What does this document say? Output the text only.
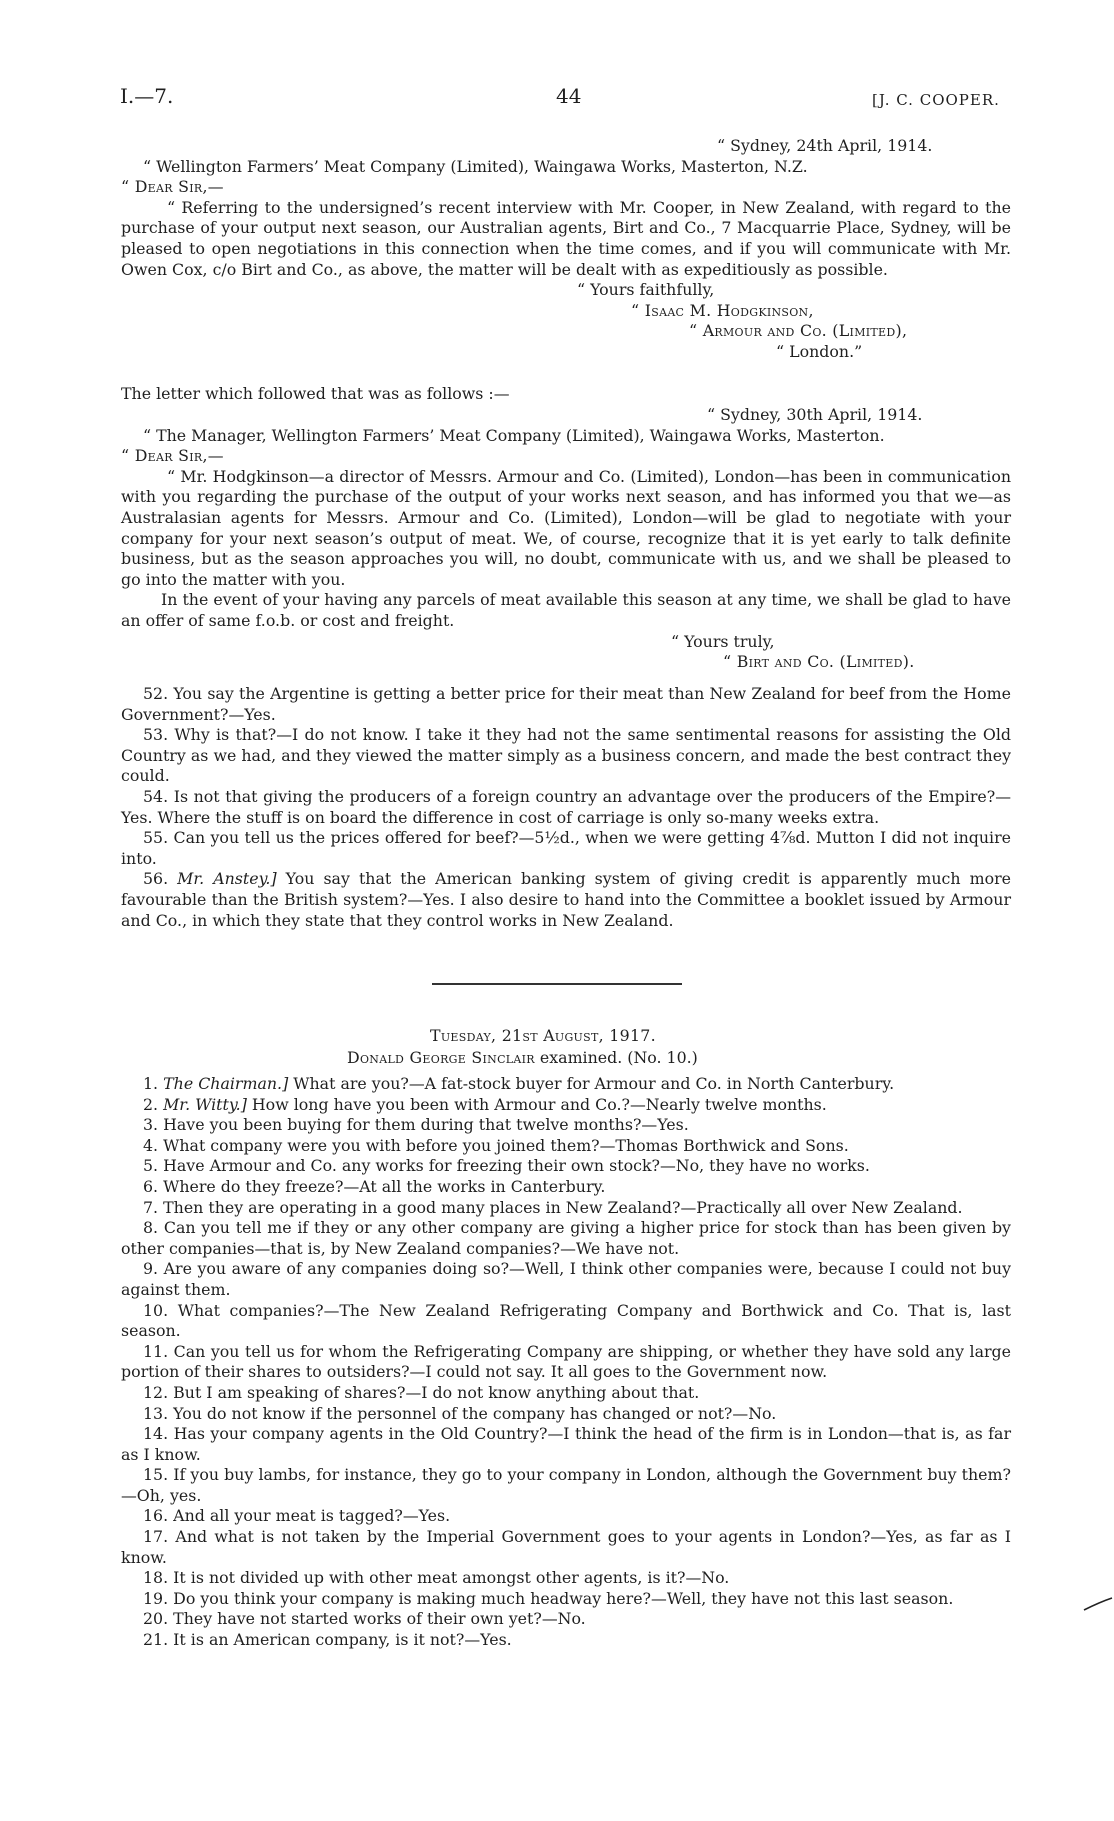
I.—7.	44	[J. C. COOPER.

“ Sydney, 24th April, 1914.

“ Wellington Farmers’ Meat Company (Limited), Waingawa Works, Masterton, N.Z.

“ Dear Sir,—

“ Referring to the undersigned’s recent interview with Mr. Cooper, in New Zealand, with regard to the purchase of your output next season, our Australian agents, Birt and Co., 7 Macquarrie Place, Sydney, will be pleased to open negotiations in this connection when the time comes, and if you will communicate with Mr. Owen Cox, c/o Birt and Co., as above, the matter will be dealt with as expeditiously as possible.

“ Yours faithfully,

“ Isaac M. Hodgkinson,

“ Armour and Co. (Limited),

“ London.”

The letter which followed that was as follows :—

“ Sydney, 30th April, 1914.

“ The Manager, Wellington Farmers’ Meat Company (Limited), Waingawa Works, Masterton.

“ Dear Sir,—

“ Mr. Hodgkinson—a director of Messrs. Armour and Co. (Limited), London—has been in communication with you regarding the purchase of the output of your works next season, and has informed you that we—as Australasian agents for Messrs. Armour and Co. (Limited), London—will be glad to negotiate with your company for your next season’s output of meat. We, of course, recognize that it is yet early to talk definite business, but as the season approaches you will, no doubt, communicate with us, and we shall be pleased to go into the matter with you.

In the event of your having any parcels of meat available this season at any time, we shall be glad to have an offer of same f.o.b. or cost and freight.

“ Yours truly,

“ Birt and Co. (Limited).

52. You say the Argentine is getting a better price for their meat than New Zealand for beef from the Home Government?—Yes.

53. Why is that?—I do not know. I take it they had not the same sentimental reasons for assisting the Old Country as we had, and they viewed the matter simply as a business concern, and made the best contract they could.

54. Is not that giving the producers of a foreign country an advantage over the producers of the Empire?—Yes. Where the stuff is on board the difference in cost of carriage is only so-many weeks extra.

55. Can you tell us the prices offered for beef?—5½d., when we were getting 4⅞d. Mutton I did not inquire into.

56. Mr. Anstey.] You say that the American banking system of giving credit is apparently much more favourable than the British system?—Yes. I also desire to hand into the Committee a booklet issued by Armour and Co., in which they state that they control works in New Zealand.

Tuesday, 21st August, 1917.
Donald George Sinclair examined. (No. 10.)

1. The Chairman.] What are you?—A fat-stock buyer for Armour and Co. in North Canterbury.

2. Mr. Witty.] How long have you been with Armour and Co.?—Nearly twelve months.

3. Have you been buying for them during that twelve months?—Yes.

4. What company were you with before you joined them?—Thomas Borthwick and Sons.

5. Have Armour and Co. any works for freezing their own stock?—No, they have no works.

6. Where do they freeze?—At all the works in Canterbury.

7. Then they are operating in a good many places in New Zealand?—Practically all over New Zealand.

8. Can you tell me if they or any other company are giving a higher price for stock than has been given by other companies—that is, by New Zealand companies?—We have not.

9. Are you aware of any companies doing so?—Well, I think other companies were, because I could not buy against them.

10. What companies?—The New Zealand Refrigerating Company and Borthwick and Co. That is, last season.

11. Can you tell us for whom the Refrigerating Company are shipping, or whether they have sold any large portion of their shares to outsiders?—I could not say. It all goes to the Government now.

12. But I am speaking of shares?—I do not know anything about that.

13. You do not know if the personnel of the company has changed or not?—No.

14. Has your company agents in the Old Country?—I think the head of the firm is in London—that is, as far as I know.

15. If you buy lambs, for instance, they go to your company in London, although the Government buy them?—Oh, yes.

16. And all your meat is tagged?—Yes.

17. And what is not taken by the Imperial Government goes to your agents in London?—Yes, as far as I know.

18. It is not divided up with other meat amongst other agents, is it?—No.

19. Do you think your company is making much headway here?—Well, they have not this last season.

20. They have not started works of their own yet?—No.

21. It is an American company, is it not?—Yes.
